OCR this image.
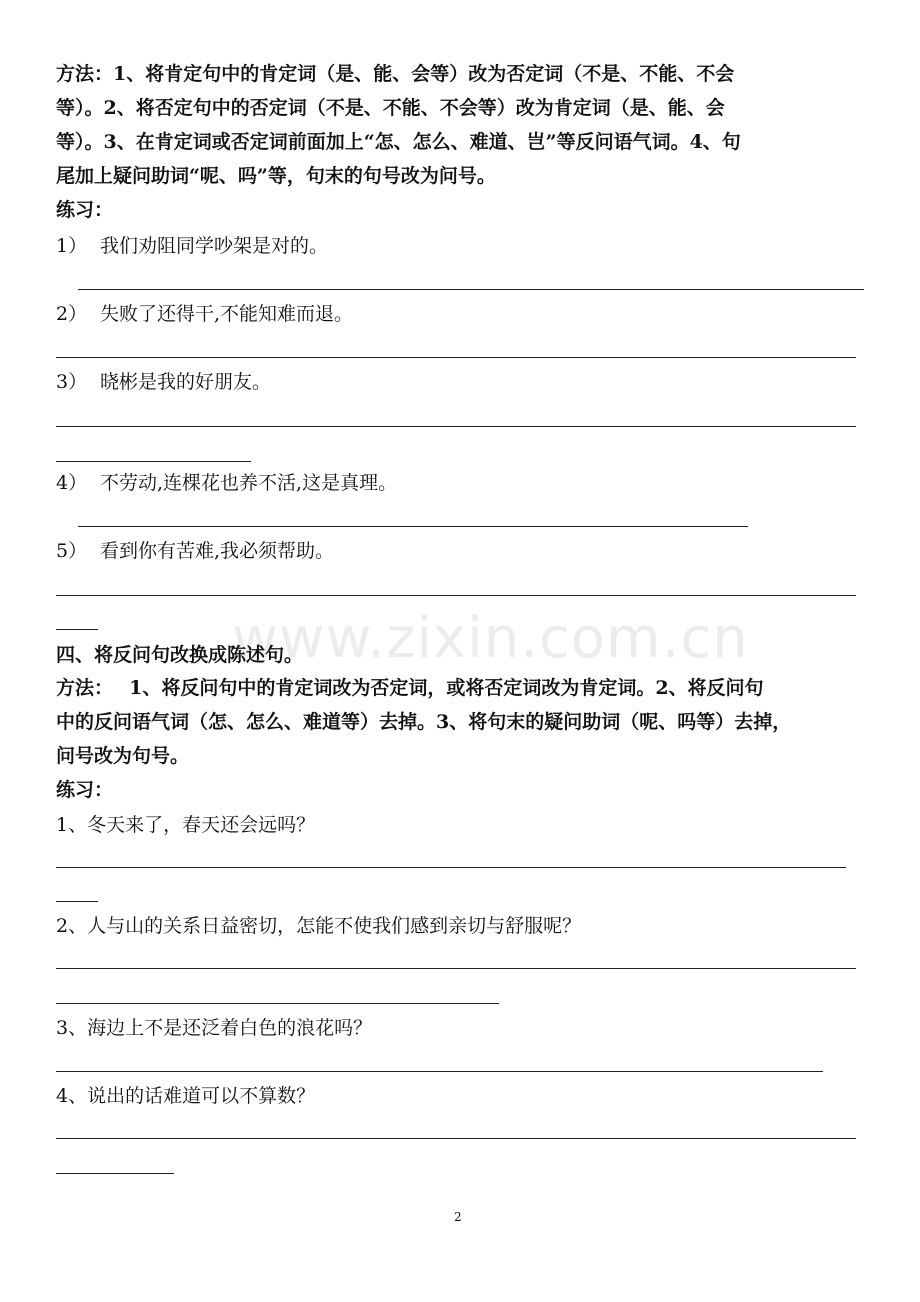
方法：1、将肯定句中的肯定词（是、能、会等）改为否定词（不是、不能、不会
等）。2、将否定句中的否定词（不是、不能、不会等）改为肯定词（是、能、会
等）。3、在肯定词或否定词前面加上“怎、怎么、难道、岂”等反问语气词。4、句
尾加上疑问助词“呢、吗”等，句末的句号改为问号。
练习：
1） 我们劝阻同学吵架是对的。
2） 失败了还得干,不能知难而退。
3） 晓彬是我的好朋友。
4） 不劳动,连棵花也养不活,这是真理。
5） 看到你有苦难,我必须帮助。
www.zixin.com.cn
四、将反问句改换成陈述句。
方法：　 1、将反问句中的肯定词改为否定词，或将否定词改为肯定词。2、将反问句
中的反问语气词（怎、怎么、难道等）去掉。3、将句末的疑问助词（呢、吗等）去掉，
问号改为句号。
练习：
1、冬天来了，春天还会远吗？
2、人与山的关系日益密切，怎能不使我们感到亲切与舒服呢？
3、海边上不是还泛着白色的浪花吗？
4、说出的话难道可以不算数？
2
